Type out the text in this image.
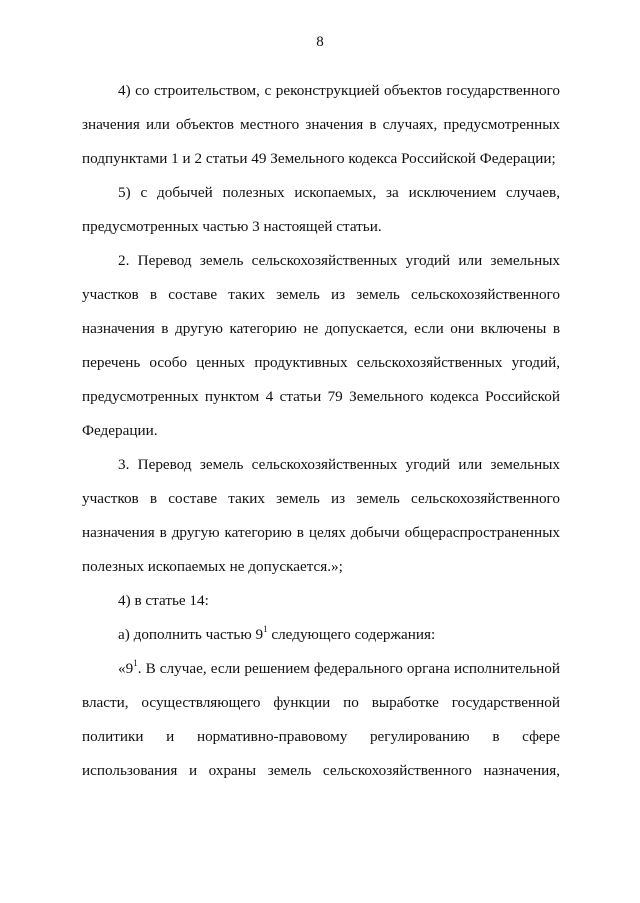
8

4) со строительством, с реконструкцией объектов государственного значения или объектов местного значения в случаях, предусмотренных подпунктами 1 и 2 статьи 49 Земельного кодекса Российской Федерации;

5) с добычей полезных ископаемых, за исключением случаев, предусмотренных частью 3 настоящей статьи.

2. Перевод земель сельскохозяйственных угодий или земельных участков в составе таких земель из земель сельскохозяйственного назначения в другую категорию не допускается, если они включены в перечень особо ценных продуктивных сельскохозяйственных угодий, предусмотренных пунктом 4 статьи 79 Земельного кодекса Российской Федерации.

3. Перевод земель сельскохозяйственных угодий или земельных участков в составе таких земель из земель сельскохозяйственного назначения в другую категорию в целях добычи общераспространенных полезных ископаемых не допускается.»;

4) в статье 14:

а) дополнить частью $9^1$ следующего содержания:

«$9^1$. В случае, если решением федерального органа исполнительной власти, осуществляющего функции по выработке государственной политики и нормативно-правовому регулированию в сфере использования и охраны земель сельскохозяйственного назначения,
